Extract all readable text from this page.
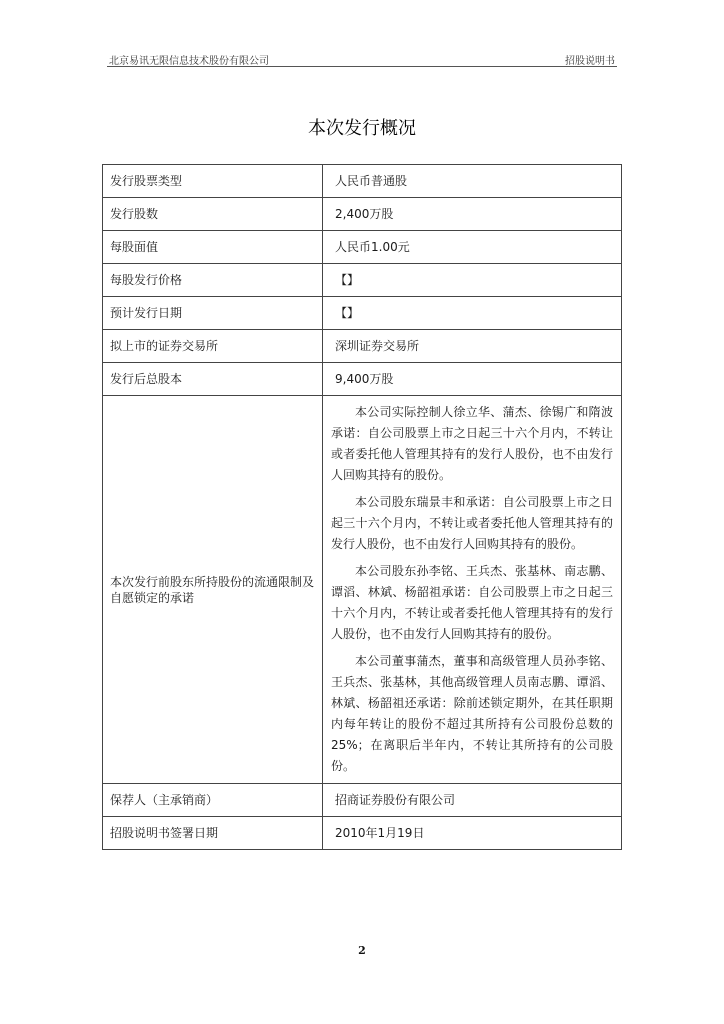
北京易讯无限信息技术股份有限公司	招股说明书
本次发行概况
发行股票类型	人民币普通股
发行股数	2,400万股
每股面值	人民币1.00元
每股发行价格	【】
预计发行日期	【】
拟上市的证券交易所	深圳证券交易所
发行后总股本	9,400万股
本次发行前股东所持股份的流通限制及自愿锁定的承诺	本公司实际控制人徐立华、蒲杰、徐锡广和隋波承诺：自公司股票上市之日起三十六个月内，不转让或者委托他人管理其持有的发行人股份，也不由发行人回购其持有的股份。

本公司股东瑞景丰和承诺：自公司股票上市之日起三十六个月内，不转让或者委托他人管理其持有的发行人股份，也不由发行人回购其持有的股份。

本公司股东孙李铭、王兵杰、张基林、南志鹏、谭滔、林斌、杨韶祖承诺：自公司股票上市之日起三十六个月内，不转让或者委托他人管理其持有的发行人股份，也不由发行人回购其持有的股份。

本公司董事蒲杰，董事和高级管理人员孙李铭、王兵杰、张基林，其他高级管理人员南志鹏、谭滔、林斌、杨韶祖还承诺：除前述锁定期外，在其任职期内每年转让的股份不超过其所持有公司股份总数的25%；在离职后半年内，不转让其所持有的公司股份。

保荐人（主承销商）	招商证券股份有限公司
招股说明书签署日期	2010年1月19日
2
